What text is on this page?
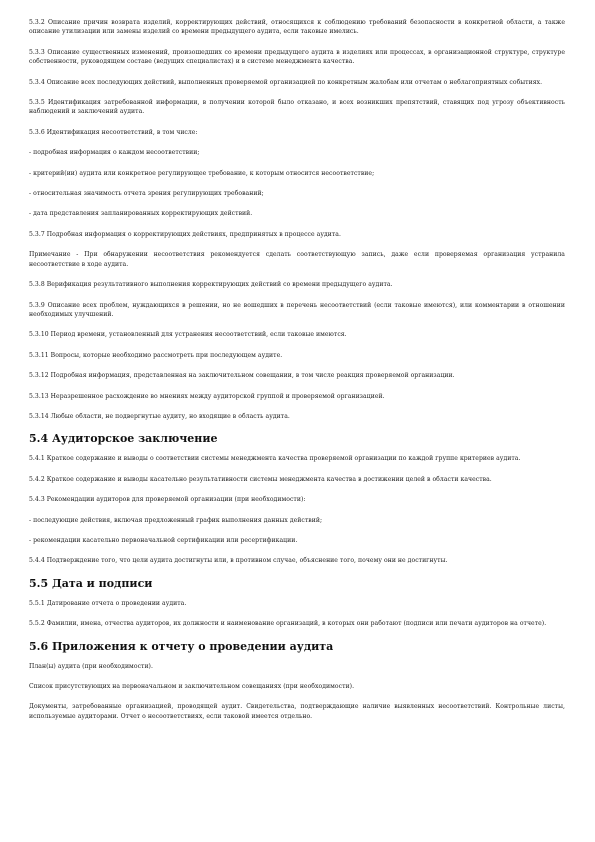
5.3.2 Описание причин возврата изделий, корректирующих действий, относящихся к соблюдению требований безопасности в конкретной области, а также описание утилизации или замены изделий со времени предыдущего аудита, если таковые имелись.

5.3.3 Описание существенных изменений, произошедших со времени предыдущего аудита в изделиях или процессах, в организационной структуре, структуре собственности, руководящем составе (ведущих специалистах) и в системе менеджмента качества.

5.3.4 Описание всех последующих действий, выполненных проверяемой организацией по конкретным жалобам или отчетам о неблагоприятных событиях.

5.3.5 Идентификация затребованной информации, в получении которой было отказано, и всех возникших препятствий, ставящих под угрозу объективность наблюдений и заключений аудита.

5.3.6 Идентификация несоответствий, в том числе:

- подробная информация о каждом несоответствии;

- критерий(ии) аудита или конкретное регулирующее требование, к которым относится несоответствие;

- относительная значимость отчета зрения регулирующих требований;

- дата представления запланированных корректирующих действий.

5.3.7 Подробная информация о корректирующих действиях, предпринятых в процессе аудита.

Примечание - При обнаружении несоответствия рекомендуется сделать соответствующую запись, даже если проверяемая организация устранила несоответствие в ходе аудита.

5.3.8 Верификация результативного выполнения корректирующих действий со времени предыдущего аудита.

5.3.9 Описание всех проблем, нуждающихся в решении, но не вошедших в перечень несоответствий (если таковые имеются), или комментарии в отношении необходимых улучшений.

5.3.10 Период времени, установленный для устранения несоответствий, если таковые имеются.

5.3.11 Вопросы, которые необходимо рассмотреть при последующем аудите.

5.3.12 Подробная информация, представленная на заключительном совещании, в том числе реакция проверяемой организации.

5.3.13 Неразрешенное расхождение во мнениях между аудиторской группой и проверяемой организацией.

5.3.14 Любые области, не подвергнутые аудиту, но входящие в область аудита.

5.4 Аудиторское заключение

5.4.1 Краткое содержание и выводы о соответствии системы менеджмента качества проверяемой организации по каждой группе критериев аудита.

5.4.2 Краткое содержание и выводы касательно результативности системы менеджмента качества в достижении целей в области качества.

5.4.3 Рекомендации аудиторов для проверяемой организации (при необходимости):

- последующие действия, включая предложенный график выполнения данных действий;

- рекомендации касательно первоначальной сертификации или ресертификации.

5.4.4 Подтверждение того, что цели аудита достигнуты или, в противном случае, объяснение того, почему они не достигнуты.

5.5 Дата и подписи

5.5.1 Датирование отчета о проведении аудита.

5.5.2 Фамилии, имена, отчества аудиторов, их должности и наименование организаций, в которых они работают (подписи или печати аудиторов на отчете).

5.6 Приложения к отчету о проведении аудита

План(ы) аудита (при необходимости).

Список присутствующих на первоначальном и заключительном совещаниях (при необходимости).

Документы, затребованные организацией, проводящей аудит. Свидетельства, подтверждающие наличие выявленных несоответствий. Контрольные листы, используемые аудиторами. Отчет о несоответствиях, если таковой имеется отдельно.
